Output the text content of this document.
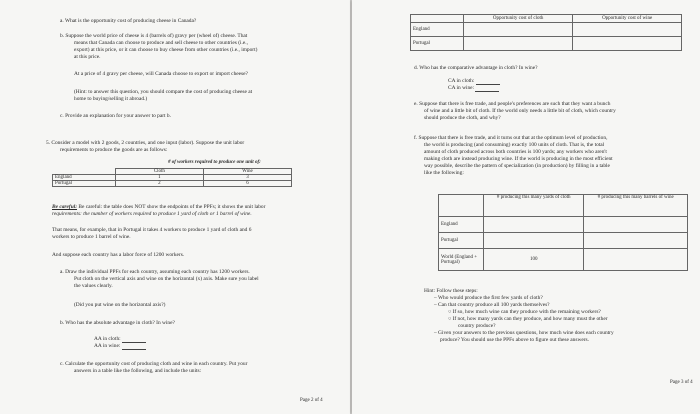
a. What is the opportunity cost of producing cheese in Canada?
b. Suppose the world price of cheese is 4 (barrels of) gravy per (wheel of) cheese. That
means that Canada can choose to produce and sell cheese to other countries (i.e.,
export) at this price, or it can choose to buy cheese from other countries (i.e., import)
at this price.
At a price of 4 gravy per cheese, will Canada choose to export or import cheese?
(Hint: to answer this question, you should compare the cost of producing cheese at
home to buying/selling it abroad.)
c. Provide an explanation for your answer to part b.
5. Consider a model with 2 goods, 2 countries, and one input (labor). Suppose the unit labor
requirements to produce the goods are as follows:
# of workers required to produce one unit of:
	Cloth	Wine
England	1	3
Portugal	2	6
Be careful: Be careful: the table does NOT show the endpoints of the PPFs; it shows the unit labor
requirements: the number of workers required to produce 1 yard of cloth or 1 barrel of wine.
That means, for example, that in Portugal it takes 4 workers to produce 1 yard of cloth and 6
workers to produce 1 barrel of wine.
And suppose each country has a labor force of 1200 workers.
a. Draw the individual PPFs for each country, assuming each country has 1200 workers.
Put cloth on the vertical axis and wine on the horizontal (x) axis. Make sure you label
the values clearly.
(Did you put wine on the horizontal axis?)
b. Who has the absolute advantage in cloth? In wine?
AA in cloth:
AA in wine:
c. Calculate the opportunity cost of producing cloth and wine in each country. Put your
answers in a table like the following, and include the units:
Page 2 of 4
	Opportunity cost of cloth	Opportunity cost of wine
England		
Portugal		
d. Who has the comparative advantage in cloth? In wine?
CA in cloth:
CA in wine:
e. Suppose that there is free trade, and people's preferences are such that they want a bunch
of wine and a little bit of cloth. If the world only needs a little bit of cloth, which country
should produce the cloth, and why?
f. Suppose that there is free trade, and it turns out that at the optimum level of production,
the world is producing (and consuming) exactly 100 units of cloth. That is, the total
amount of cloth produced across both countries is 100 yards; any workers who aren't
making cloth are instead producing wine. If the world is producing in the most efficient
way possible, describe the pattern of specialization (in production) by filling in a table
like the following:
	# producing this many yards of cloth	# producing this many barrels of wine
England		
Portugal		
World (England + Portugal)	100	
Hint: Follow these steps:
– Who would produce the first few yards of cloth?
– Can that country produce all 100 yards themselves?
○ If so, how much wine can they produce with the remaining workers?
○ If not, how many yards can they produce, and how many must the other
country produce?
– Given your answers to the previous questions, how much wine does each country
produce? You should use the PPFs above to figure out these answers.
Page 3 of 4
